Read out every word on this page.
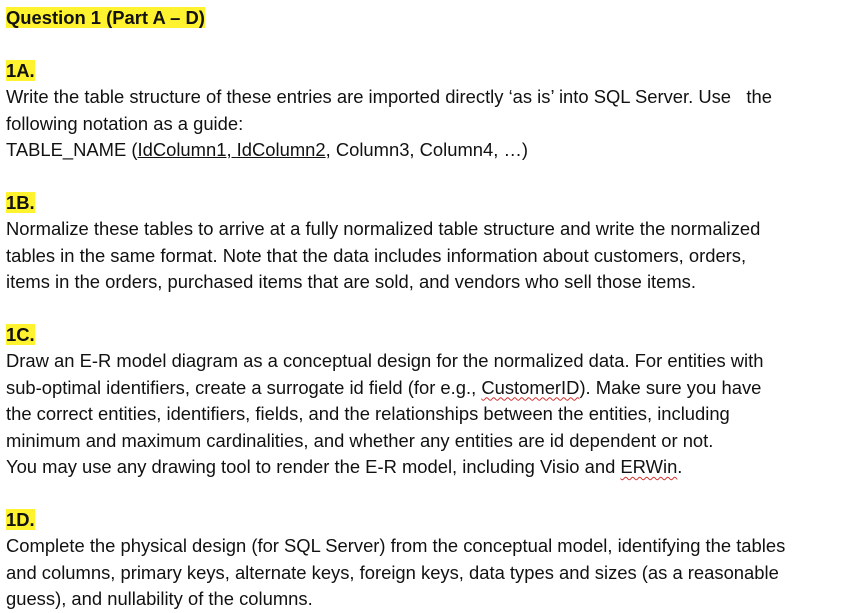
Question 1 (Part A – D)
1A.
Write the table structure of these entries are imported directly ‘as is’ into SQL Server. Use   the
following notation as a guide:
TABLE_NAME (IdColumn1, IdColumn2, Column3, Column4, …)
1B.
Normalize these tables to arrive at a fully normalized table structure and write the normalized
tables in the same format. Note that the data includes information about customers, orders,
items in the orders, purchased items that are sold, and vendors who sell those items.
1C.
Draw an E-R model diagram as a conceptual design for the normalized data. For entities with
sub-optimal identifiers, create a surrogate id field (for e.g., CustomerID). Make sure you have
the correct entities, identifiers, fields, and the relationships between the entities, including
minimum and maximum cardinalities, and whether any entities are id dependent or not.
You may use any drawing tool to render the E-R model, including Visio and ERWin.
1D.
Complete the physical design (for SQL Server) from the conceptual model, identifying the tables
and columns, primary keys, alternate keys, foreign keys, data types and sizes (as a reasonable
guess), and nullability of the columns.
